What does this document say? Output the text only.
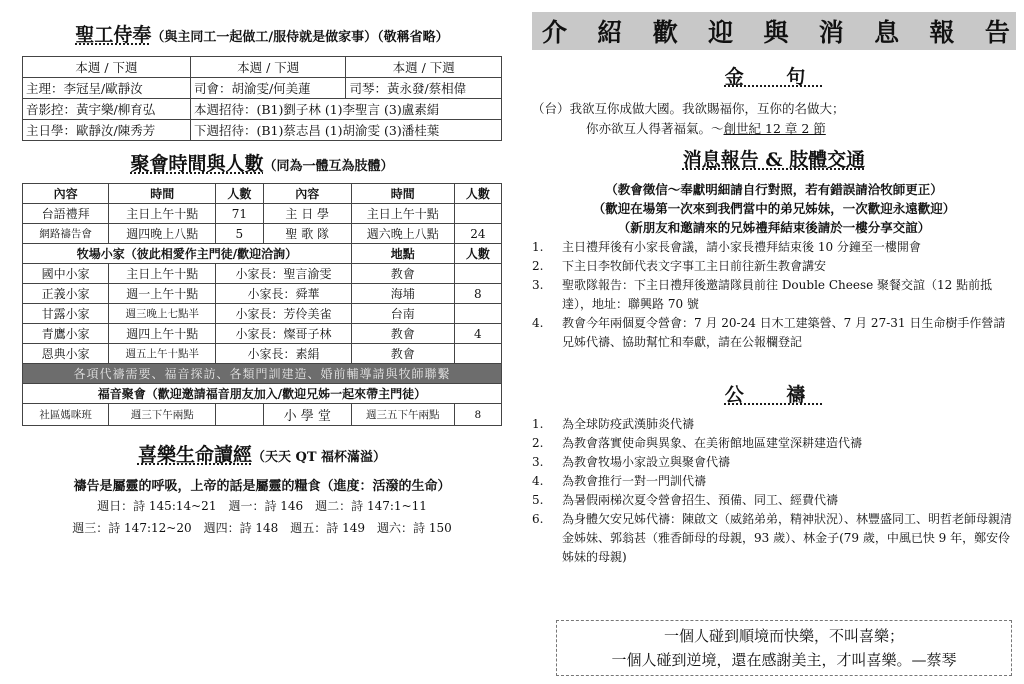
聖工侍奉（與主同工一起做工/服侍就是做家事）（敬稱省略）
本週 / 下週	本週 / 下週	本週 / 下週
主理：李冠呈/歐靜汝	司會：胡渝雯/何美蓮	司琴：黃永發/蔡相偉
音影控：黃宇樂/柳育弘	本週招待：(B1)劉子林 (1)李聖言 (3)盧素絹	
主日學：歐靜汝/陳秀芳	下週招待：(B1)蔡志昌 (1)胡渝雯 (3)潘桂葉	
聚會時間與人數（同為一體互為肢體）
內容	時間	人數	內容	時間	人數
台語禮拜	主日上午十點	71	主 日 學	主日上午十點	
網路禱告會	週四晚上八點	5	聖 歌 隊	週六晚上八點	24
牧場小家（彼此相愛作主門徒/歡迎洽詢）				地點	人數
國中小家	主日上午十點	小家長：聖言渝雯		教會	
正義小家	週一上午十點	小家長：舜華		海埔	8
甘露小家	週三晚上七點半	小家長：芳伶美雀		台南	
青鷹小家	週四上午十點	小家長：燦哥子林		教會	4
恩典小家	週五上午十點半	小家長：素絹		教會	
各項代禱需要、福音探訪、各類門訓建造、婚前輔導請與牧師聯繫					
福音聚會（歡迎邀請福音朋友加入/歡迎兄姊一起來帶主門徒）					
社區媽咪班	週三下午兩點		小 學 堂	週三五下午兩點	8
喜樂生命讀經（天天 QT 福杯滿溢）
禱告是屬靈的呼吸，上帝的話是屬靈的糧食（進度：活潑的生命）
週日：詩 145:14~21　週一：詩 146　週二：詩 147:1~11
週三：詩 147:12~20　週四：詩 148　週五：詩 149　週六：詩 150
介 紹 歡 迎 與 消 息 報 告
金 句
（台）我欲互你成做大國。我欲賜福你，互你的名做大；
你亦欲互人得著福氣。～創世紀 12 章 2 節
消息報告 & 肢體交通
（教會徵信～奉獻明細請自行對照，若有錯誤請洽牧師更正）
（歡迎在場第一次來到我們當中的弟兄姊妹，一次歡迎永遠歡迎）
（新朋友和邀請來的兄姊禮拜結束後請於一樓分享交誼）
1.	主日禮拜後有小家長會議，請小家長禮拜結束後 10 分鐘至一樓開會
2.	下主日李牧師代表文字事工主日前往新生教會講安
3.	聖歌隊報告：下主日禮拜後邀請隊員前往 Double Cheese 聚餐交誼（12 點前抵達），地址：聯興路 70 號
4.	教會今年兩個夏令營會：7 月 20-24 日木工建築營、7 月 27-31 日生命樹手作營請兄姊代禱、協助幫忙和奉獻，請在公報欄登記
公 禱
1.	為全球防疫武漢肺炎代禱
2.	為教會落實使命與異象、在美術館地區建堂深耕建造代禱
3.	為教會牧場小家設立與聚會代禱
4.	為教會推行一對一門訓代禱
5.	為暑假兩梯次夏令營會招生、預備、同工、經費代禱
6.	為身體欠安兄姊代禱：陳啟文（威銘弟弟，精神狀況）、林豐盛同工、明哲老師母親清金姊妹、郭翁甚（雅香師母的母親，93 歲）、林金子(79 歲，中風已快 9 年，鄭安伶姊妹的母親)
一個人碰到順境而快樂，不叫喜樂；
一個人碰到逆境，還在感謝美主，才叫喜樂。—蔡琴
